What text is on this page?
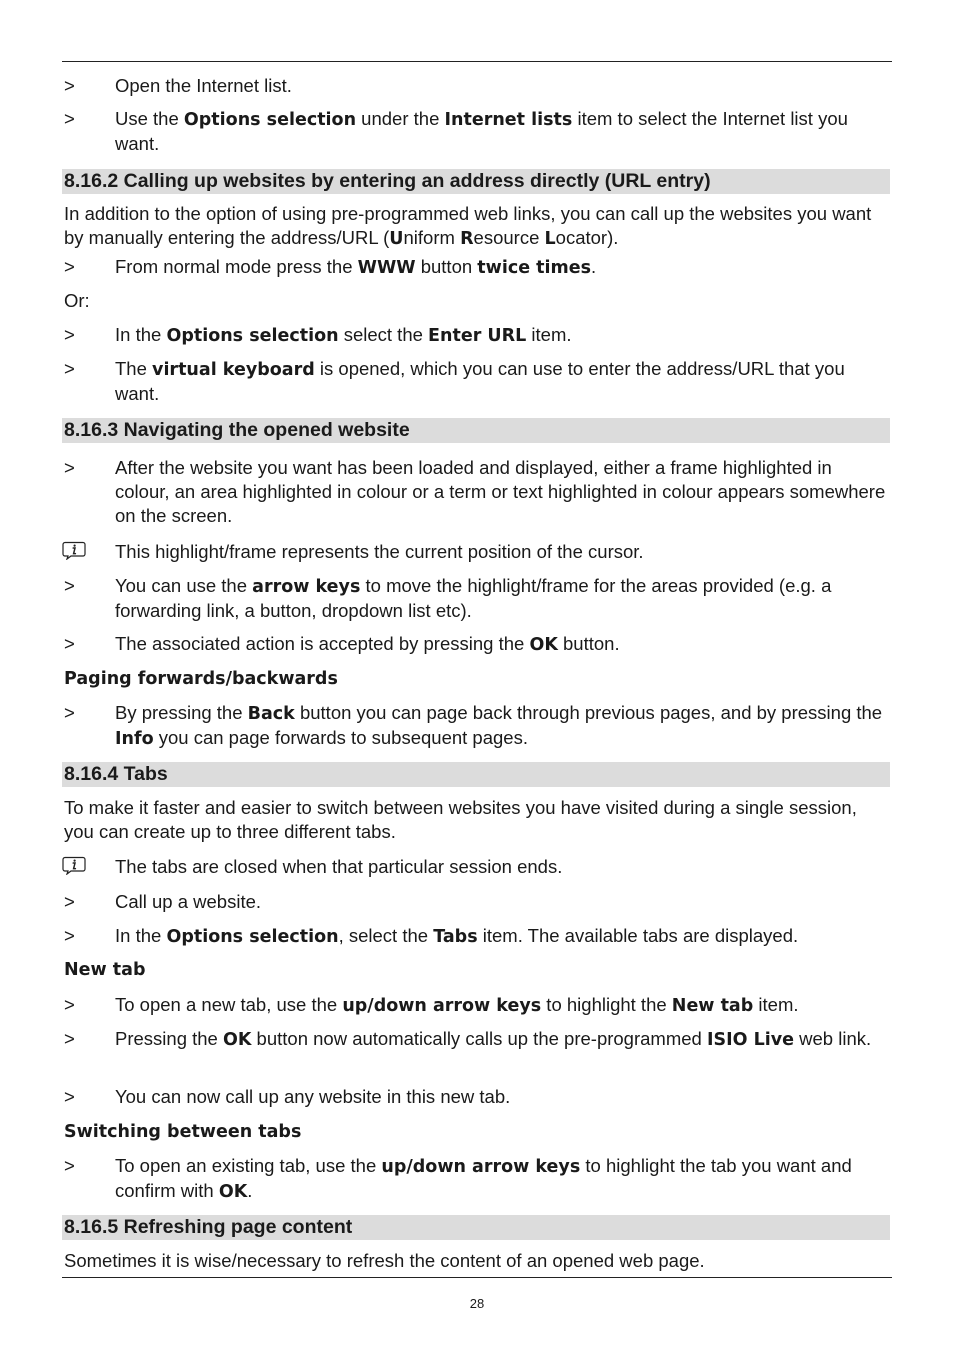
>	Open the Internet list.
>	Use the Options selection under the Internet lists item to select the Internet list you want.
8.16.2 Calling up websites by entering an address directly (URL entry)
In addition to the option of using pre-programmed web links, you can call up the websites you want by manually entering the address/URL (Uniform Resource Locator).
>	From normal mode press the WWW button twice times.
Or:
>	In the Options selection select the Enter URL item.
>	The virtual keyboard is opened, which you can use to enter the address/URL that you want.
8.16.3 Navigating the opened website
>	After the website you want has been loaded and displayed, either a frame highlighted in colour, an area highlighted in colour or a term or text highlighted in colour appears somewhere on the screen.
This highlight/frame represents the current position of the cursor.
>	You can use the arrow keys to move the highlight/frame for the areas provided (e.g. a forwarding link, a button, dropdown list etc).
>	The associated action is accepted by pressing the OK button.
Paging forwards/backwards
>	By pressing the Back button you can page back through previous pages, and by pressing the Info you can page forwards to subsequent pages.
8.16.4 Tabs
To make it faster and easier to switch between websites you have visited during a single session, you can create up to three different tabs.
The tabs are closed when that particular session ends.
>	Call up a website.
>	In the Options selection, select the Tabs item. The available tabs are displayed.
New tab
>	To open a new tab, use the up/down arrow keys to highlight the New tab item.
>	Pressing the OK button now automatically calls up the pre-programmed ISIO Live web link.
>	You can now call up any website in this new tab.
Switching between tabs
>	To open an existing tab, use the up/down arrow keys to highlight the tab you want and confirm with OK.
8.16.5 Refreshing page content
Sometimes it is wise/necessary to refresh the content of an opened web page.
28
